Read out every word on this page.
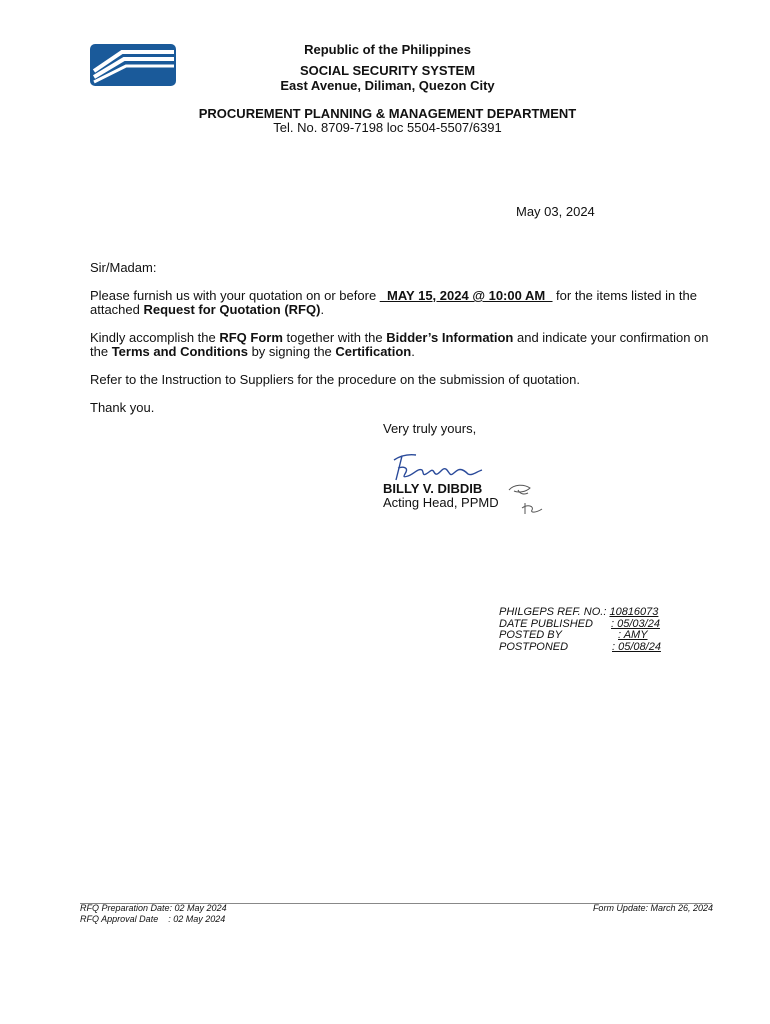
Republic of the Philippines
SOCIAL SECURITY SYSTEM
East Avenue, Diliman, Quezon City
PROCUREMENT PLANNING & MANAGEMENT DEPARTMENT
Tel. No. 8709-7198 loc 5504-5507/6391
May 03, 2024
Sir/Madam:
Please furnish us with your quotation on or before _MAY 15, 2024 @ 10:00 AM_ for the items listed in the attached Request for Quotation (RFQ).
Kindly accomplish the RFQ Form together with the Bidder’s Information and indicate your confirmation on the Terms and Conditions by signing the Certification.
Refer to the Instruction to Suppliers for the procedure on the submission of quotation.
Thank you.
Very truly yours,
BILLY V. DIBDIB
Acting Head, PPMD
PHILGEPS REF. NO.:
10816073
DATE PUBLISHED	: 05/03/24
POSTED BY	: AMY
POSTPONED	: 05/08/24
RFQ Preparation Date: 02 May 2024
RFQ Approval Date    : 02 May 2024
Form Update: March 26, 2024
